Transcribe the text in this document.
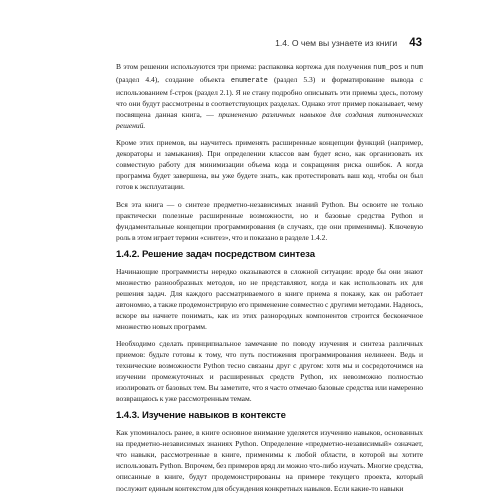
1.4. О чем вы узнаете из книги 43

В этом решении используются три приема: распаковка кортежа для получения num_pos и num (раздел 4.4), создание объекта enumerate (раздел 5.3) и форматирование вывода с использованием f-строк (раздел 2.1). Я не стану подробно описывать эти приемы здесь, потому что они будут рассмотрены в соответствующих разделах. Однако этот пример показывает, чему посвящена данная книга, — применению различных навыков для создания питонических решений.

Кроме этих приемов, вы научитесь применять расширенные концепции функций (например, декораторы и замыкания). При определении классов вам будет ясно, как организовать их совместную работу для минимизации объема кода и сокращения риска ошибок. А когда программа будет завершена, вы уже будете знать, как протестировать ваш код, чтобы он был готов к эксплуатации.

Вся эта книга — о синтезе предметно-независимых знаний Python. Вы освоите не только практически полезные расширенные возможности, но и базовые средства Python и фундаментальные концепции программирования (в случаях, где они применимы). Ключевую роль в этом играет термин «синтез», что и показано в разделе 1.4.2.

1.4.2. Решение задач посредством синтеза

Начинающие программисты нередко оказываются в сложной ситуации: вроде бы они знают множество разнообразных методов, но не представляют, когда и как использовать их для решения задач. Для каждого рассматриваемого в книге приема я покажу, как он работает автономно, а также продемонстрирую его применение совместно с другими методами. Надеюсь, вскоре вы начнете понимать, как из этих разнородных компонентов строится бесконечное множество новых программ.

Необходимо сделать принципиальное замечание по поводу изучения и синтеза различных приемов: будьте готовы к тому, что путь постижения программирования нелинеен. Ведь и технические возможности Python тесно связаны друг с другом: хотя мы и сосредоточимся на изучении промежуточных и расширенных средств Python, их невозможно полностью изолировать от базовых тем. Вы заметите, что я часто отмечаю базовые средства или намеренно возвращаюсь к уже рассмотренным темам.

1.4.3. Изучение навыков в контексте

Как упоминалось ранее, в книге основное внимание уделяется изучению навыков, основанных на предметно-независимых знаниях Python. Определение «предметно-независимый» означает, что навыки, рассмотренные в книге, применимы к любой области, в которой вы хотите использовать Python. Впрочем, без примеров вряд ли можно что-либо изучать. Многие средства, описанные в книге, будут продемонстрированы на примере текущего проекта, который послужит единым контекстом для обсуждения конкретных навыков. Если какие-то навыки
